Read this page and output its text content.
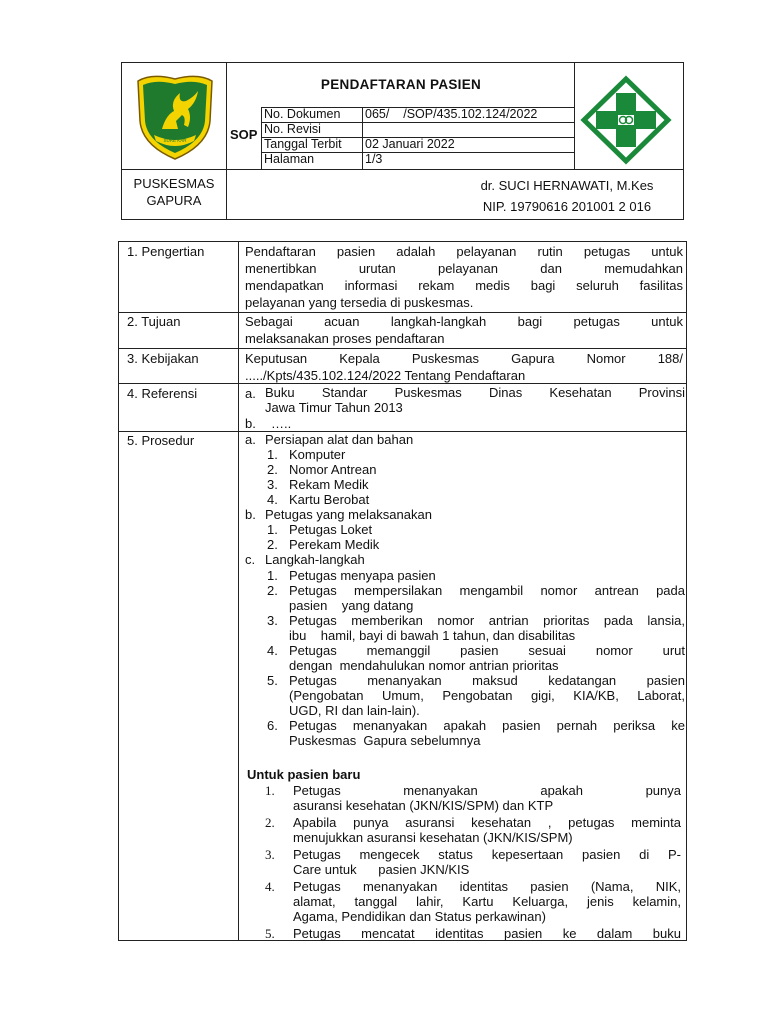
SURE KAR
PENDAFTARAN PASIEN
SOP
No. Dokumen 065/    /SOP/435.102.124/2022
No. Revisi
Tanggal Terbit 02 Januari 2022
Halaman	1/3
PUSKESMAS
GAPURA
dr. SUCI HERNAWATI, M.Kes
NIP. 19790616 201001 2 016
1. Pengertian	Pendaftaran pasien adalah pelayanan rutin petugas untuk
menertibkan urutan pelayanan dan memudahkan
mendapatkan informasi rekam medis bagi seluruh fasilitas
pelayanan yang tersedia di puskesmas.
2. Tujuan	Sebagai acuan langkah-langkah bagi petugas untuk
melaksanakan proses pendaftaran
3. Kebijakan	Keputusan Kepala Puskesmas Gapura Nomor 188/
...../Kpts/435.102.124/2022 Tentang Pendaftaran
4. Referensi	a. Buku Standar Puskesmas Dinas Kesehatan Provinsi
Jawa Timur Tahun 2013
b. …..
5. Prosedur	a. Persiapan alat dan bahan
1. Komputer
2. Nomor Antrean
3. Rekam Medik
4. Kartu Berobat
b. Petugas yang melaksanakan
1. Petugas Loket
2. Perekam Medik
c. Langkah-langkah
1. Petugas menyapa pasien
2. Petugas mempersilakan mengambil nomor antrean pada
pasien    yang datang
3. Petugas memberikan nomor antrian prioritas pada lansia,
ibu    hamil, bayi di bawah 1 tahun, dan disabilitas
4. Petugas memanggil pasien sesuai nomor urut
dengan  mendahulukan nomor antrian prioritas
5. Petugas menanyakan maksud kedatangan pasien
(Pengobatan Umum, Pengobatan gigi, KIA/KB, Laborat,
UGD, RI dan lain-lain).
6. Petugas menanyakan apakah pasien pernah periksa ke
Puskesmas  Gapura sebelumnya
Untuk pasien baru
1. Petugas menanyakan apakah punya
asuransi kesehatan (JKN/KIS/SPM) dan KTP
2. Apabila punya asuransi kesehatan , petugas meminta
menujukkan asuransi kesehatan (JKN/KIS/SPM)
3. Petugas mengecek status kepesertaan pasien di P-
Care untuk      pasien JKN/KIS
4. Petugas menanyakan identitas pasien (Nama, NIK,
alamat, tanggal lahir, Kartu Keluarga, jenis kelamin,
Agama, Pendidikan dan Status perkawinan)
5. Petugas mencatat identitas pasien ke dalam buku
